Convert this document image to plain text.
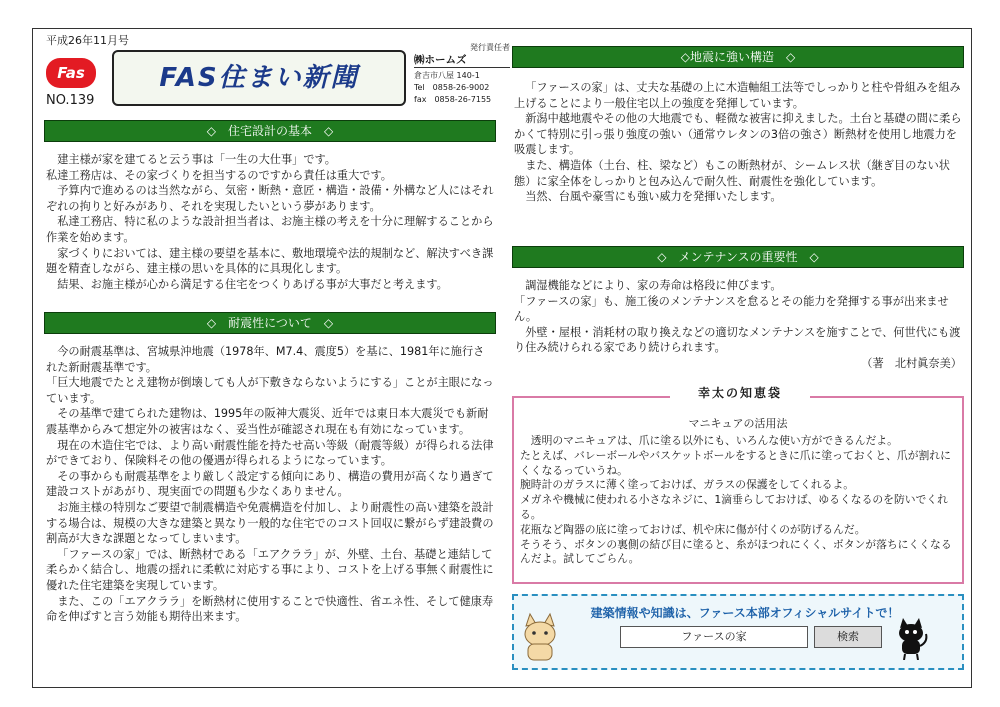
平成26年11月号
Fas
NO.139
FAS住まい新聞
発行責任者
㈱ホームズ
倉吉市八屋 140-1
Tel　0858-26-9002
fax　0858-26-7155
◇　住宅設計の基本　◇

建主様が家を建てると云う事は「一生の大仕事」です。

私達工務店は、その家づくりを担当するのですから責任は重大です。

予算内で進めるのは当然ながら、気密・断熱・意匠・構造・設備・外構など人にはそれぞれの拘りと好みがあり、それを実現したいという夢があります。

私達工務店、特に私のような設計担当者は、お施主様の考えを十分に理解することから作業を始めます。

家づくりにおいては、建主様の要望を基本に、敷地環境や法的規制など、解決すべき課題を精査しながら、建主様の思いを具体的に具現化します。

結果、お施主様が心から満足する住宅をつくりあげる事が大事だと考えます。

◇　耐震性について　◇

今の耐震基準は、宮城県沖地震（1978年、M7.4、震度5）を基に、1981年に施行された新耐震基準です。

「巨大地震でたとえ建物が倒壊しても人が下敷きならないようにする」ことが主眼になっています。

その基準で建てられた建物は、1995年の阪神大震災、近年では東日本大震災でも新耐震基準からみて想定外の被害はなく、妥当性が確認され現在も有効になっています。

現在の木造住宅では、より高い耐震性能を持たせ高い等級（耐震等級）が得られる法律ができており、保険料その他の優遇が得られるようになっています。

その事からも耐震基準をより厳しく設定する傾向にあり、構造の費用が高くなり過ぎて建設コストがあがり、現実面での問題も少なくありません。

お施主様の特別なご要望で制震構造や免震構造を付加し、より耐震性の高い建築を設計する場合は、規模の大きな建築と異なり一般的な住宅でのコスト回収に繋がらず建設費の割高が大きな課題となってしまいます。

「ファースの家」では、断熱材である「エアクララ」が、外壁、土台、基礎と連結して柔らかく結合し、地震の揺れに柔軟に対応する事により、コストを上げる事無く耐震性に優れた住宅建築を実現しています。

また、この「エアクララ」を断熱材に使用することで快適性、省エネ性、そして健康寿命を伸ばすと言う効能も期待出来ます。

◇地震に強い構造　◇

「ファースの家」は、丈夫な基礎の上に木造軸組工法等でしっかりと柱や骨組みを組み上げることにより一般住宅以上の強度を発揮しています。

新潟中越地震やその他の大地震でも、軽微な被害に抑えました。土台と基礎の間に柔らかくて特別に引っ張り強度の強い（通常ウレタンの3倍の強さ）断熱材を使用し地震力を吸震します。

また、構造体（土台、柱、梁など）もこの断熱材が、シームレス状（継ぎ目のない状態）に家全体をしっかりと包み込んで耐久性、耐震性を強化しています。

当然、台風や豪雪にも強い威力を発揮いたします。

◇　メンテナンスの重要性　◇

調湿機能などにより、家の寿命は格段に伸びます。

「ファースの家」も、施工後のメンテナンスを怠るとその能力を発揮する事が出来ません。

外壁・屋根・消耗材の取り換えなどの適切なメンテナンスを施すことで、何世代にも渡り住み続けられる家であり続けられます。

（著　北村眞奈美）

幸太の知恵袋
マニキュアの活用法

透明のマニキュアは、爪に塗る以外にも、いろんな使い方ができるんだよ。

たとえば、バレーボールやバスケットボールをするときに爪に塗っておくと、爪が割れにくくなるっていうね。

腕時計のガラスに薄く塗っておけば、ガラスの保護をしてくれるよ。

メガネや機械に使われる小さなネジに、1滴垂らしておけば、ゆるくなるのを防いでくれる。

花瓶など陶器の底に塗っておけば、机や床に傷が付くのが防げるんだ。

そうそう、ボタンの裏側の結び目に塗ると、糸がほつれにくく、ボタンが落ちにくくなるんだよ。試してごらん。

建築情報や知識は、ファース本部オフィシャルサイトで！
ファースの家	検索
